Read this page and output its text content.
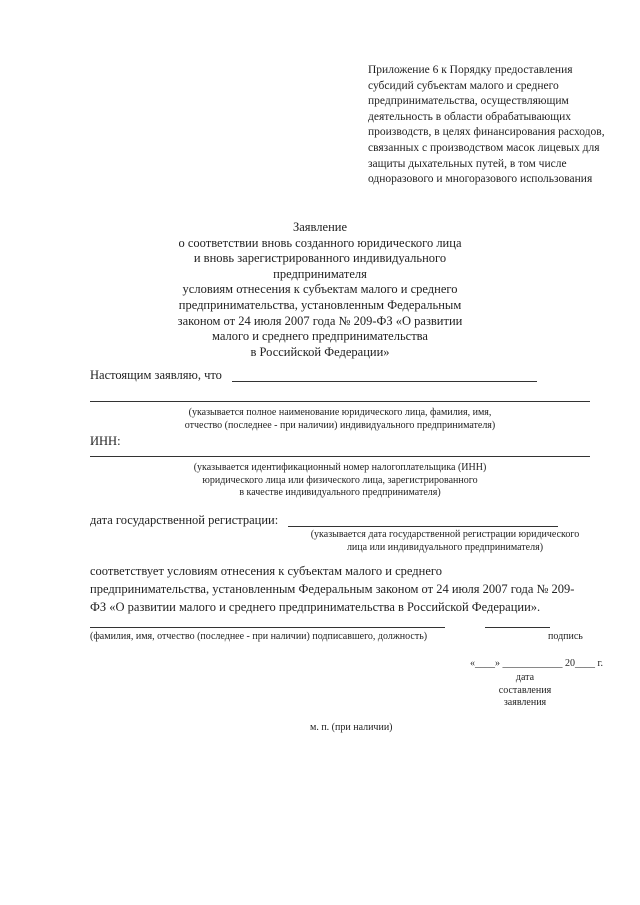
Приложение 6 к Порядку предоставления
субсидий субъектам малого и среднего
предпринимательства, осуществляющим
деятельность в области обрабатывающих
производств, в целях финансирования расходов,
связанных с производством масок лицевых для
защиты дыхательных путей, в том числе
одноразового и многоразового использования
Заявление
о соответствии вновь созданного юридического лица
и вновь зарегистрированного индивидуального предпринимателя
условиям отнесения к субъектам малого и среднего
предпринимательства, установленным Федеральным
законом от 24 июля 2007 года № 209-ФЗ «О развитии
малого и среднего предпринимательства
в Российской Федерации»
Настоящим заявляю, что
(указывается полное наименование юридического лица, фамилия, имя,
отчество (последнее - при наличии) индивидуального предпринимателя)
ИНН:
(указывается идентификационный номер налогоплательщика (ИНН)
юридического лица или физического лица, зарегистрированного
в качестве индивидуального предпринимателя)
дата государственной регистрации:
(указывается дата государственной регистрации юридического
лица или индивидуального предпринимателя)
соответствует условиям отнесения к субъектам малого и среднего
предпринимательства, установленным Федеральным законом от 24 июля 2007 года № 209-
ФЗ «О развитии малого и среднего предпринимательства в Российской Федерации».
(фамилия, имя, отчество (последнее - при наличии) подписавшего, должность)	подпись
«____» ____________ 20____ г.
дата
составления
заявления
м. п. (при наличии)
